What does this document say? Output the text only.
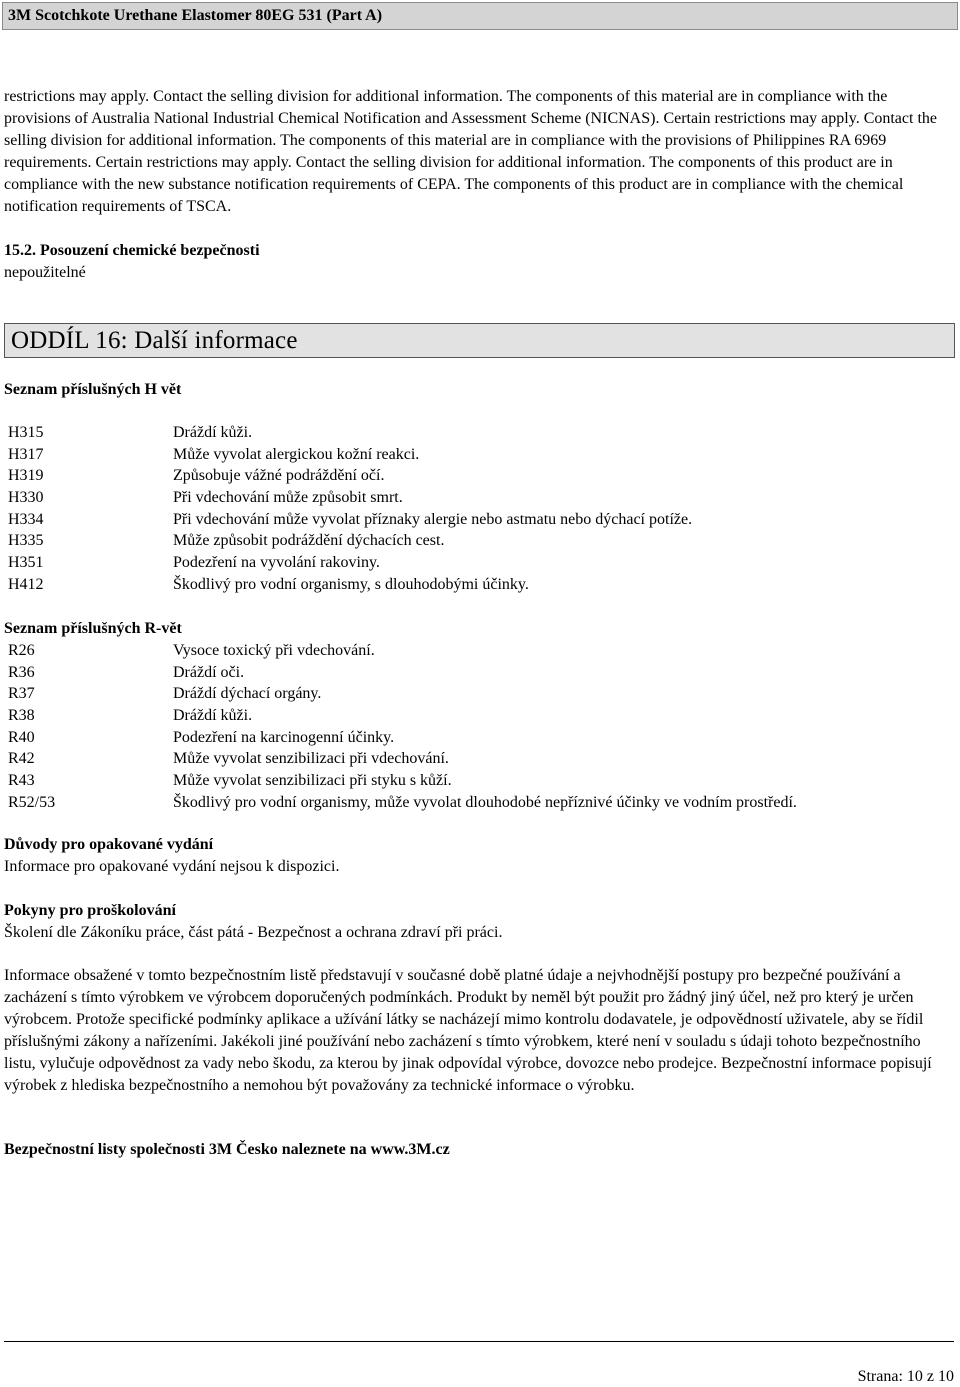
3M Scotchkote Urethane Elastomer 80EG 531 (Part A)
restrictions may apply. Contact the selling division for additional information. The components of this material are in compliance with the provisions of Australia National Industrial Chemical Notification and Assessment Scheme (NICNAS). Certain restrictions may apply. Contact the selling division for additional information. The components of this material are in compliance with the provisions of Philippines RA 6969 requirements. Certain restrictions may apply. Contact the selling division for additional information. The components of this product are in compliance with the new substance notification requirements of CEPA. The components of this product are in compliance with the chemical notification requirements of TSCA.
15.2. Posouzení chemické bezpečnosti
nepoužitelné
ODDÍL 16: Další informace
Seznam příslušných H vět
H315	Dráždí kůži.
H317	Může vyvolat alergickou kožní reakci.
H319	Způsobuje vážné podráždění očí.
H330	Při vdechování může způsobit smrt.
H334	Při vdechování může vyvolat příznaky alergie nebo astmatu nebo dýchací potíže.
H335	Může způsobit podráždění dýchacích cest.
H351	Podezření na vyvolání rakoviny.
H412	Škodlivý pro vodní organismy, s dlouhodobými účinky.
Seznam příslušných R-vět
R26	Vysoce toxický při vdechování.
R36	Dráždí oči.
R37	Dráždí dýchací orgány.
R38	Dráždí kůži.
R40	Podezření na karcinogenní účinky.
R42	Může vyvolat senzibilizaci při vdechování.
R43	Může vyvolat senzibilizaci při styku s kůží.
R52/53	Škodlivý pro vodní organismy, může vyvolat dlouhodobé nepříznivé účinky ve vodním prostředí.
Důvody pro opakované vydání
Informace pro opakované vydání nejsou k dispozici.
Pokyny pro proškolování
Školení dle Zákoníku práce, část pátá - Bezpečnost a ochrana zdraví při práci.
Informace obsažené v tomto bezpečnostním listě představují v současné době platné údaje a nejvhodnější postupy pro bezpečné používání a zacházení s tímto výrobkem ve výrobcem doporučených podmínkách. Produkt by neměl být použit pro žádný jiný účel, než pro který je určen výrobcem. Protože specifické podmínky aplikace a užívání látky se nacházejí mimo kontrolu dodavatele, je odpovědností uživatele, aby se řídil příslušnými zákony a nařízeními. Jakékoli jiné používání nebo zacházení s tímto výrobkem, které není v souladu s údaji tohoto bezpečnostního listu, vylučuje odpovědnost za vady nebo škodu, za kterou by jinak odpovídal výrobce, dovozce nebo prodejce. Bezpečnostní informace popisují výrobek z hlediska bezpečnostního a nemohou být považovány za technické informace o výrobku.
Bezpečnostní listy společnosti 3M Česko naleznete na www.3M.cz
Strana: 10 z 10
